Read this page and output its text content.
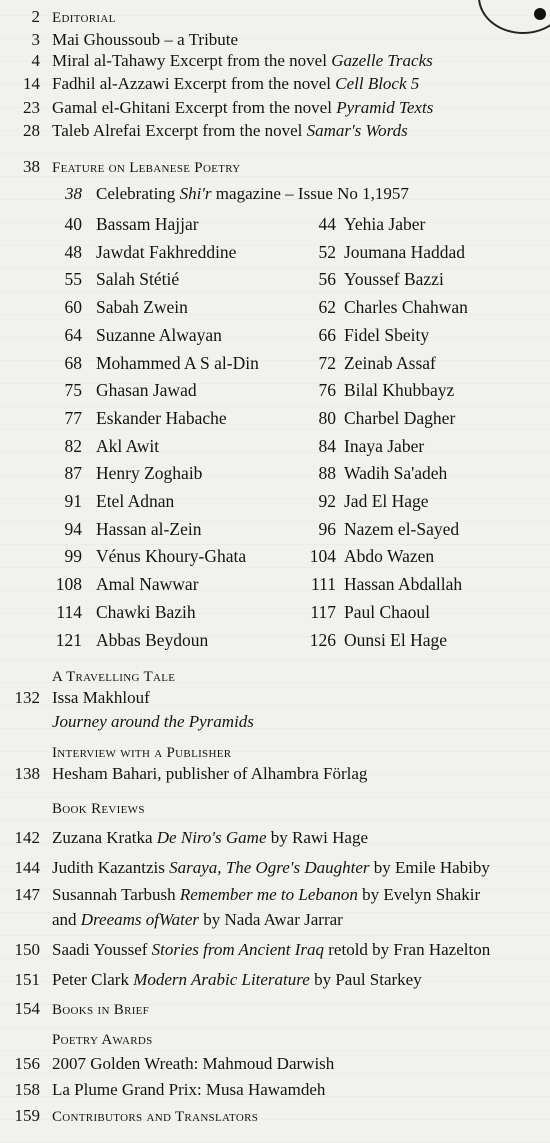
2 Editorial
3 Mai Ghoussoub – a Tribute
4 Miral al-Tahawy Excerpt from the novel Gazelle Tracks
14 Fadhil al-Azzawi Excerpt from the novel Cell Block 5
23 Gamal el-Ghitani Excerpt from the novel Pyramid Texts
28 Taleb Alrefai Excerpt from the novel Samar's Words
38 Feature on Lebanese Poetry
38 Celebrating Shi'r magazine – Issue No 1,1957
40 Bassam Hajjar	44 Yehia Jaber
48 Jawdat Fakhreddine	52 Joumana Haddad
55 Salah Stétié	56 Youssef Bazzi
60 Sabah Zwein	62 Charles Chahwan
64 Suzanne Alwayan	66 Fidel Sbeity
68 Mohammed A S al-Din	72 Zeinab Assaf
75 Ghasan Jawad	76 Bilal Khubbayz
77 Eskander Habache	80 Charbel Dagher
82 Akl Awit	84 Inaya Jaber
87 Henry Zoghaib	88 Wadih Sa'adeh
91 Etel Adnan	92 Jad El Hage
94 Hassan al-Zein	96 Nazem el-Sayed
99 Vénus Khoury-Ghata	104 Abdo Wazen
108 Amal Nawwar	111 Hassan Abdallah
114 Chawki Bazih	117 Paul Chaoul
121 Abbas Beydoun	126 Ounsi El Hage
A Travelling Tale
132 Issa Makhlouf
Journey around the Pyramids
Interview with a Publisher
138 Hesham Bahari, publisher of Alhambra Förlag
Book Reviews
142 Zuzana Kratka De Niro's Game by Rawi Hage
144 Judith Kazantzis Saraya, The Ogre's Daughter by Emile Habiby
147 Susannah Tarbush Remember me to Lebanon by Evelyn Shakir
and Dreeams ofWater by Nada Awar Jarrar
150 Saadi Youssef Stories from Ancient Iraq retold by Fran Hazelton
151 Peter Clark Modern Arabic Literature by Paul Starkey
154 Books in Brief
Poetry Awards
156 2007 Golden Wreath: Mahmoud Darwish
158 La Plume Grand Prix: Musa Hawamdeh
159 Contributors and Translators
